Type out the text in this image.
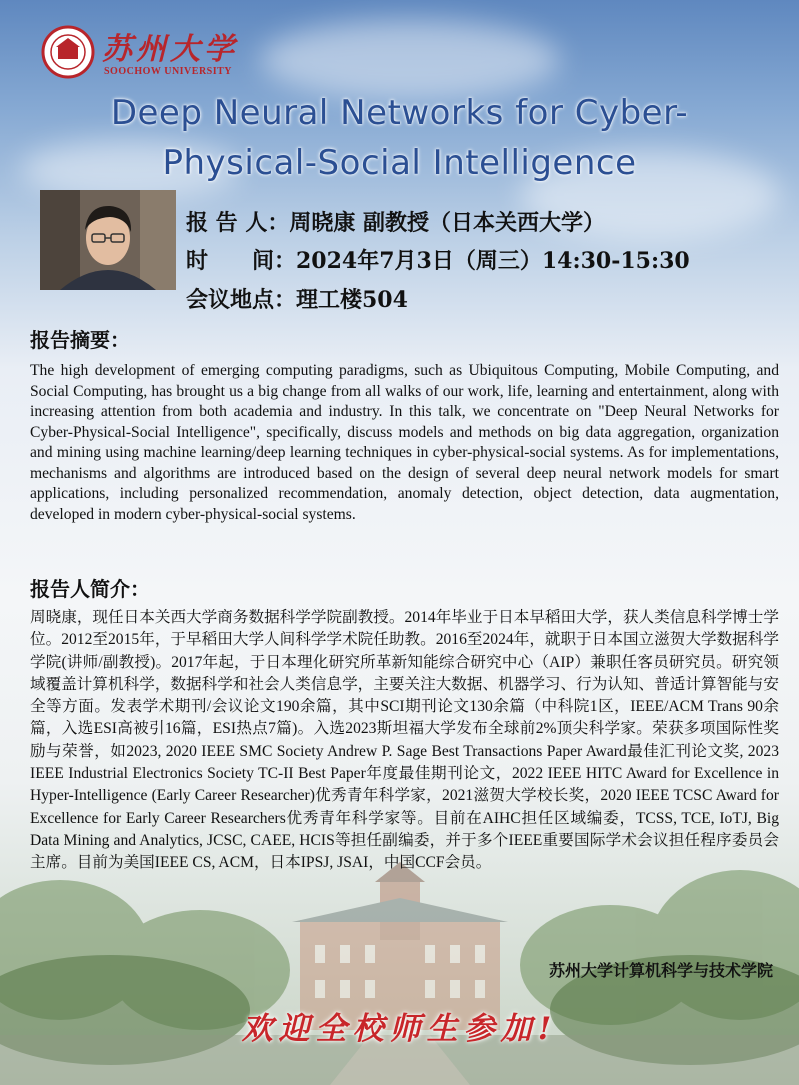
苏州大学
SOOCHOW UNIVERSITY
Deep Neural Networks for Cyber-
Physical-Social Intelligence
报 告 人：周晓康 副教授（日本关西大学）
时　　间：2024年7月3日（周三）14:30-15:30
会议地点：理工楼504
报告摘要：
The high development of emerging computing paradigms, such as Ubiquitous Computing, Mobile Computing, and Social Computing, has brought us a big change from all walks of our work, life, learning and entertainment, along with increasing attention from both academia and industry. In this talk, we concentrate on "Deep Neural Networks for Cyber-Physical-Social Intelligence", specifically, discuss models and methods on big data aggregation, organization and mining using machine learning/deep learning techniques in cyber-physical-social systems. As for implementations, mechanisms and algorithms are introduced based on the design of several deep neural network models for smart applications, including personalized recommendation, anomaly detection, object detection, data augmentation, developed in modern cyber-physical-social systems.
报告人简介：
周晓康，现任日本关西大学商务数据科学学院副教授。2014年毕业于日本早稻田大学，获人类信息科学博士学位。2012至2015年，于早稻田大学人间科学学术院任助教。2016至2024年，就职于日本国立滋贺大学数据科学学院(讲师/副教授)。2017年起，于日本理化研究所革新知能综合研究中心（AIP）兼职任客员研究员。研究领域覆盖计算机科学，数据科学和社会人类信息学，主要关注大数据、机器学习、行为认知、普适计算智能与安全等方面。发表学术期刊/会议论文190余篇，其中SCI期刊论文130余篇（中科院1区，IEEE/ACM Trans 90余篇，入选ESI高被引16篇，ESI热点7篇)。入选2023斯坦福大学发布全球前2%顶尖科学家。荣获多项国际性奖励与荣誉，如2023, 2020 IEEE SMC Society Andrew P. Sage Best Transactions Paper Award最佳汇刊论文奖, 2023 IEEE Industrial Electronics Society TC-II Best Paper年度最佳期刊论文，2022 IEEE HITC Award for Excellence in Hyper-Intelligence (Early Career Researcher)优秀青年科学家，2021滋贺大学校长奖，2020 IEEE TCSC Award for Excellence for Early Career Researchers优秀青年科学家等。目前在AIHC担任区域编委，TCSS, TCE, IoTJ, Big Data Mining and Analytics, JCSC, CAEE, HCIS等担任副编委，并于多个IEEE重要国际学术会议担任程序委员会主席。目前为美国IEEE CS, ACM，日本IPSJ, JSAI，中国CCF会员。
苏州大学计算机科学与技术学院
欢迎全校师生参加!
